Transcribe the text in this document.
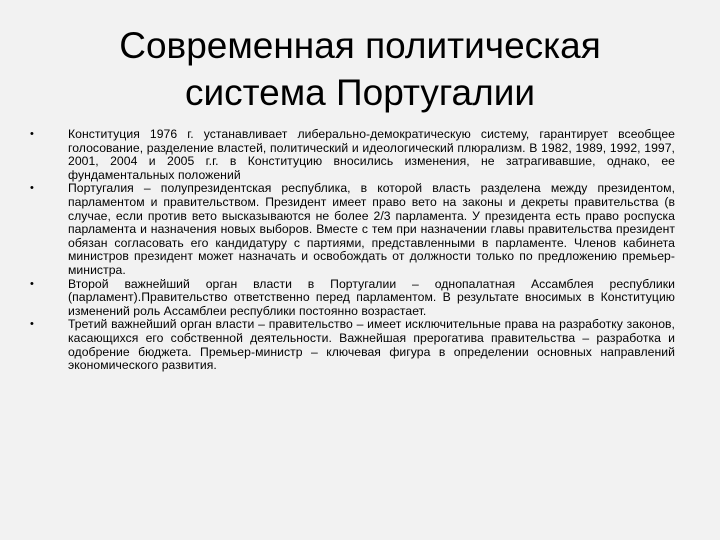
Современная политическая
система Португалии
•	Конституция 1976 г. устанавливает либерально-демократическую систему, гарантирует всеобщее голосование, разделение властей, политический и идеологический плюрализм. В 1982, 1989, 1992, 1997, 2001, 2004 и 2005 г.г. в Конституцию вносились изменения, не затрагивавшие, однако, ее фундаментальных положений
•	Португалия – полупрезидентская республика, в которой власть разделена между президентом, парламентом и правительством. Президент имеет право вето на законы и декреты правительства (в случае, если против вето высказываются не более 2/3 парламента. У президента есть право роспуска парламента и назначения новых выборов. Вместе с тем при назначении главы правительства президент обязан согласовать его кандидатуру с партиями, представленными в парламенте. Членов кабинета министров президент может назначать и освобождать от должности только по предложению премьер-министра.
•	Второй важнейший орган власти в Португалии – однопалатная Ассамблея республики (парламент).Правительство ответственно перед парламентом. В результате вносимых в Конституцию изменений роль Ассамблеи республики постоянно возрастает.
•	Третий важнейший орган власти – правительство – имеет исключительные права на разработку законов, касающихся его собственной деятельности. Важнейшая прерогатива правительства – разработка и одобрение бюджета. Премьер-министр – ключевая фигура в определении основных направлений экономического развития.
